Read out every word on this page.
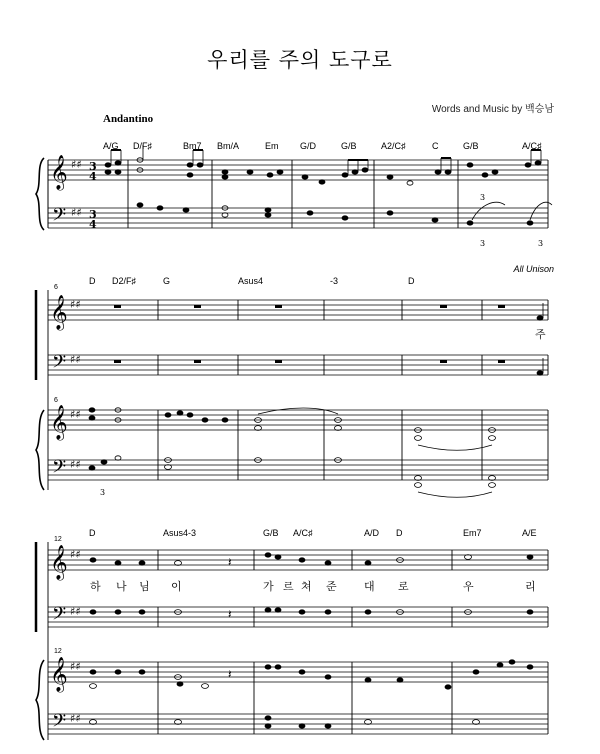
우리를 주의 도구로
Words and Music by 백승남
Andantino
All Unison
A/G D/F♯	Bm7 Bm/A	Em G/D	G/B	A2/C♯	C	G/B	A/C♯
D D2/F♯	G	Asus4	-3	D
D	Asus4-3	G/B A/C♯	A/D D	Em7	A/E
6
6
12
12
주
하 나 님 이	가 르 쳐 준 대 로	우	리
𝄞
𝄢
♯♯
♯♯
3
4
3
4
3	3
3
𝄞
𝄢
𝄞
𝄢
♯♯
♯♯
♯♯
♯♯
3
𝄞
𝄢
𝄞
𝄢
♯♯
♯♯
♯♯
♯♯
𝄽
𝄽
𝄽
